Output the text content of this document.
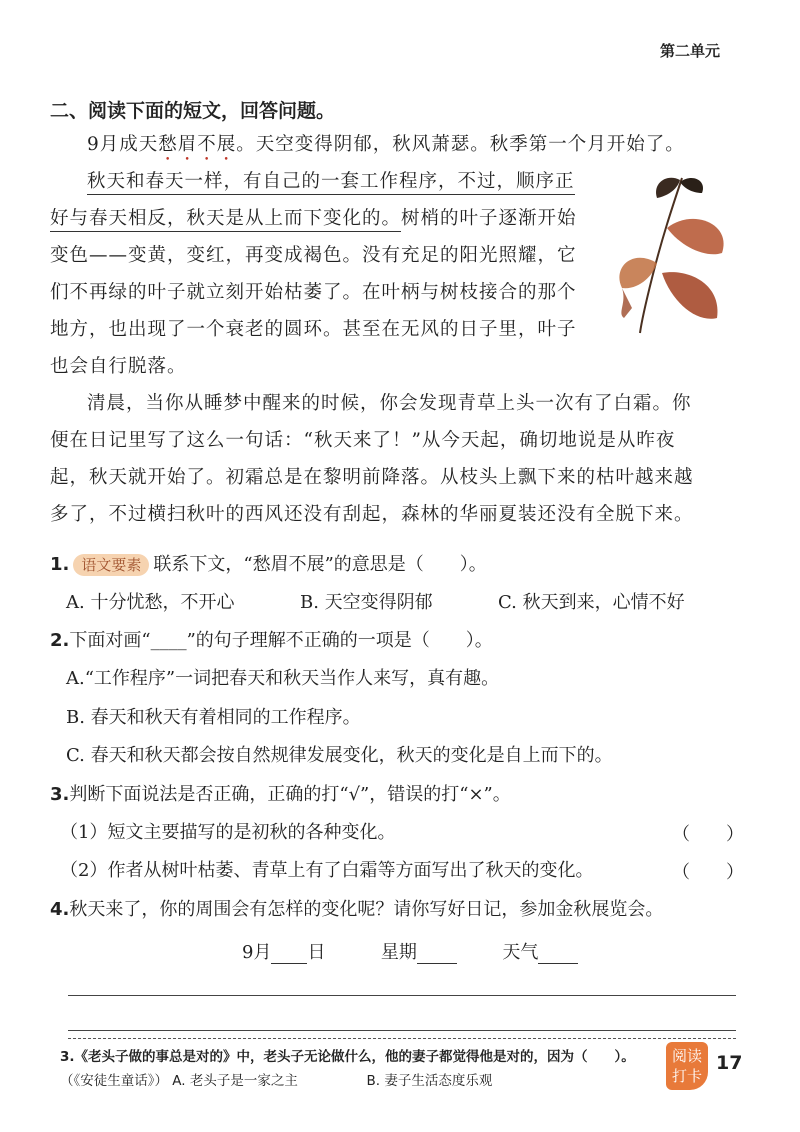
第二单元
二、阅读下面的短文，回答问题。
9月成天愁眉不展。天空变得阴郁，秋风萧瑟。秋季第一个月开始了。
秋天和春天一样，有自己的一套工作程序，不过，顺序正好与春天相反，秋天是从上而下变化的。树梢的叶子逐渐开始变色——变黄，变红，再变成褐色。没有充足的阳光照耀，它们不再绿的叶子就立刻开始枯萎了。在叶柄与树枝接合的那个地方，也出现了一个衰老的圆环。甚至在无风的日子里，叶子也会自行脱落。
清晨，当你从睡梦中醒来的时候，你会发现青草上头一次有了白霜。你便在日记里写了这么一句话：“秋天来了！”从今天起，确切地说是从昨夜起，秋天就开始了。初霜总是在黎明前降落。从枝头上飘下来的枯叶越来越多了，不过横扫秋叶的西风还没有刮起，森林的华丽夏装还没有全脱下来。
1. 语文要素 联系下文，“愁眉不展”的意思是（　　）。
A. 十分忧愁，不开心	B. 天空变得阴郁	C. 秋天到来，心情不好
2.下面对画“____”的句子理解不正确的一项是（　　）。
A.“工作程序”一词把春天和秋天当作人来写，真有趣。
B. 春天和秋天有着相同的工作程序。
C. 春天和秋天都会按自然规律发展变化，秋天的变化是自上而下的。
3.判断下面说法是否正确，正确的打“√”，错误的打“×”。
（1）短文主要描写的是初秋的各种变化。	（　　）
（2）作者从树叶枯萎、青草上有了白霜等方面写出了秋天的变化。	（　　）
4.秋天来了，你的周围会有怎样的变化呢？请你写好日记，参加金秋展览会。
9月 日	星期	天气
3.《老头子做的事总是对的》中，老头子无论做什么，他的妻子都觉得他是对的，因为（　　）。
（《安徒生童话》） A. 老头子是一家之主	B. 妻子生活态度乐观
阅读
打卡
17
